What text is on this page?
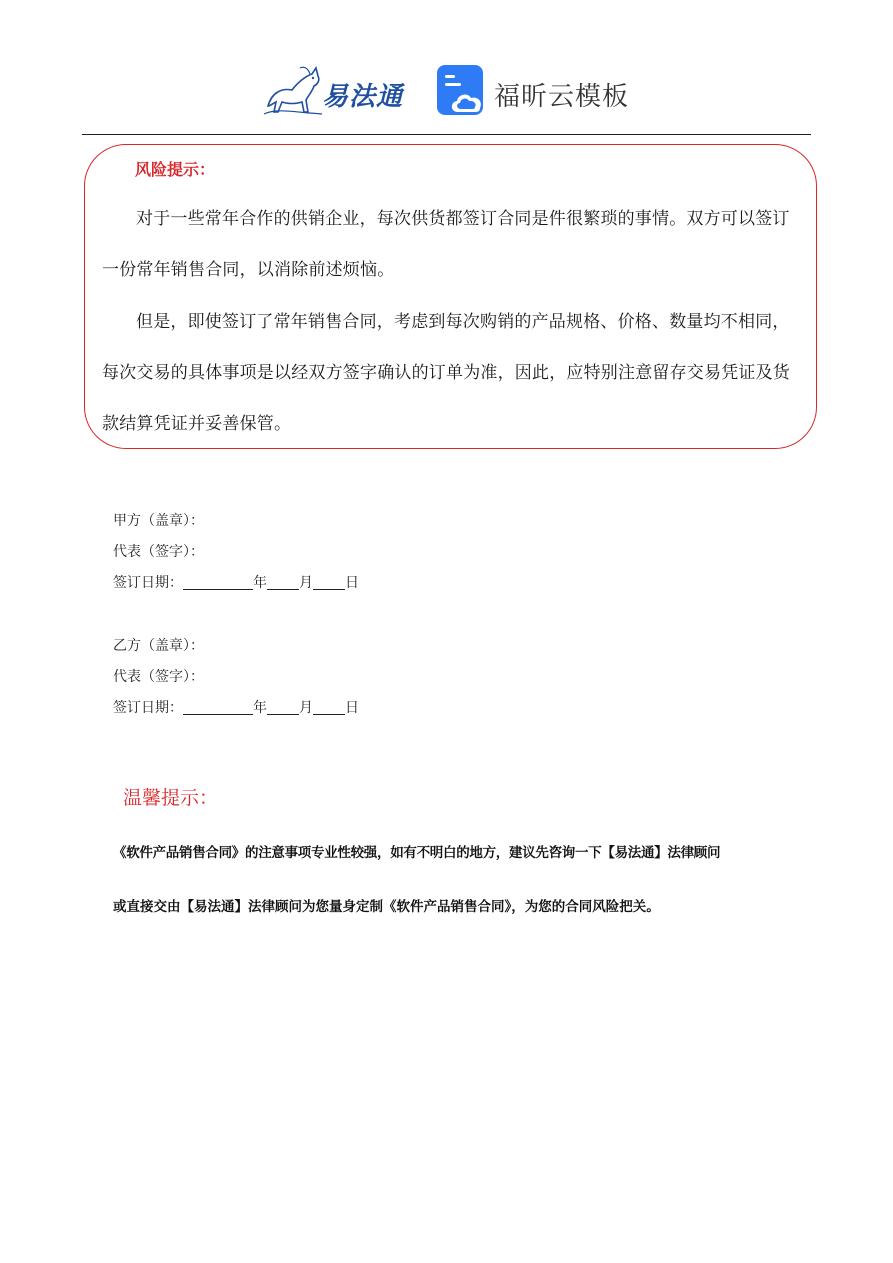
易法通	福昕云模板
风险提示：

对于一些常年合作的供销企业，每次供货都签订合同是件很繁琐的事情。双方可以签订一份常年销售合同，以消除前述烦恼。

但是，即使签订了常年销售合同，考虑到每次购销的产品规格、价格、数量均不相同，每次交易的具体事项是以经双方签字确认的订单为准，因此，应特别注意留存交易凭证及货款结算凭证并妥善保管。

甲方（盖章）：
代表（签字）：
签订日期：	年 月 日
乙方（盖章）：
代表（签字）：
签订日期：	年 月 日
温馨提示：

《软件产品销售合同》的注意事项专业性较强，如有不明白的地方，建议先咨询一下【易法通】法律顾问

或直接交由【易法通】法律顾问为您量身定制《软件产品销售合同》，为您的合同风险把关。
